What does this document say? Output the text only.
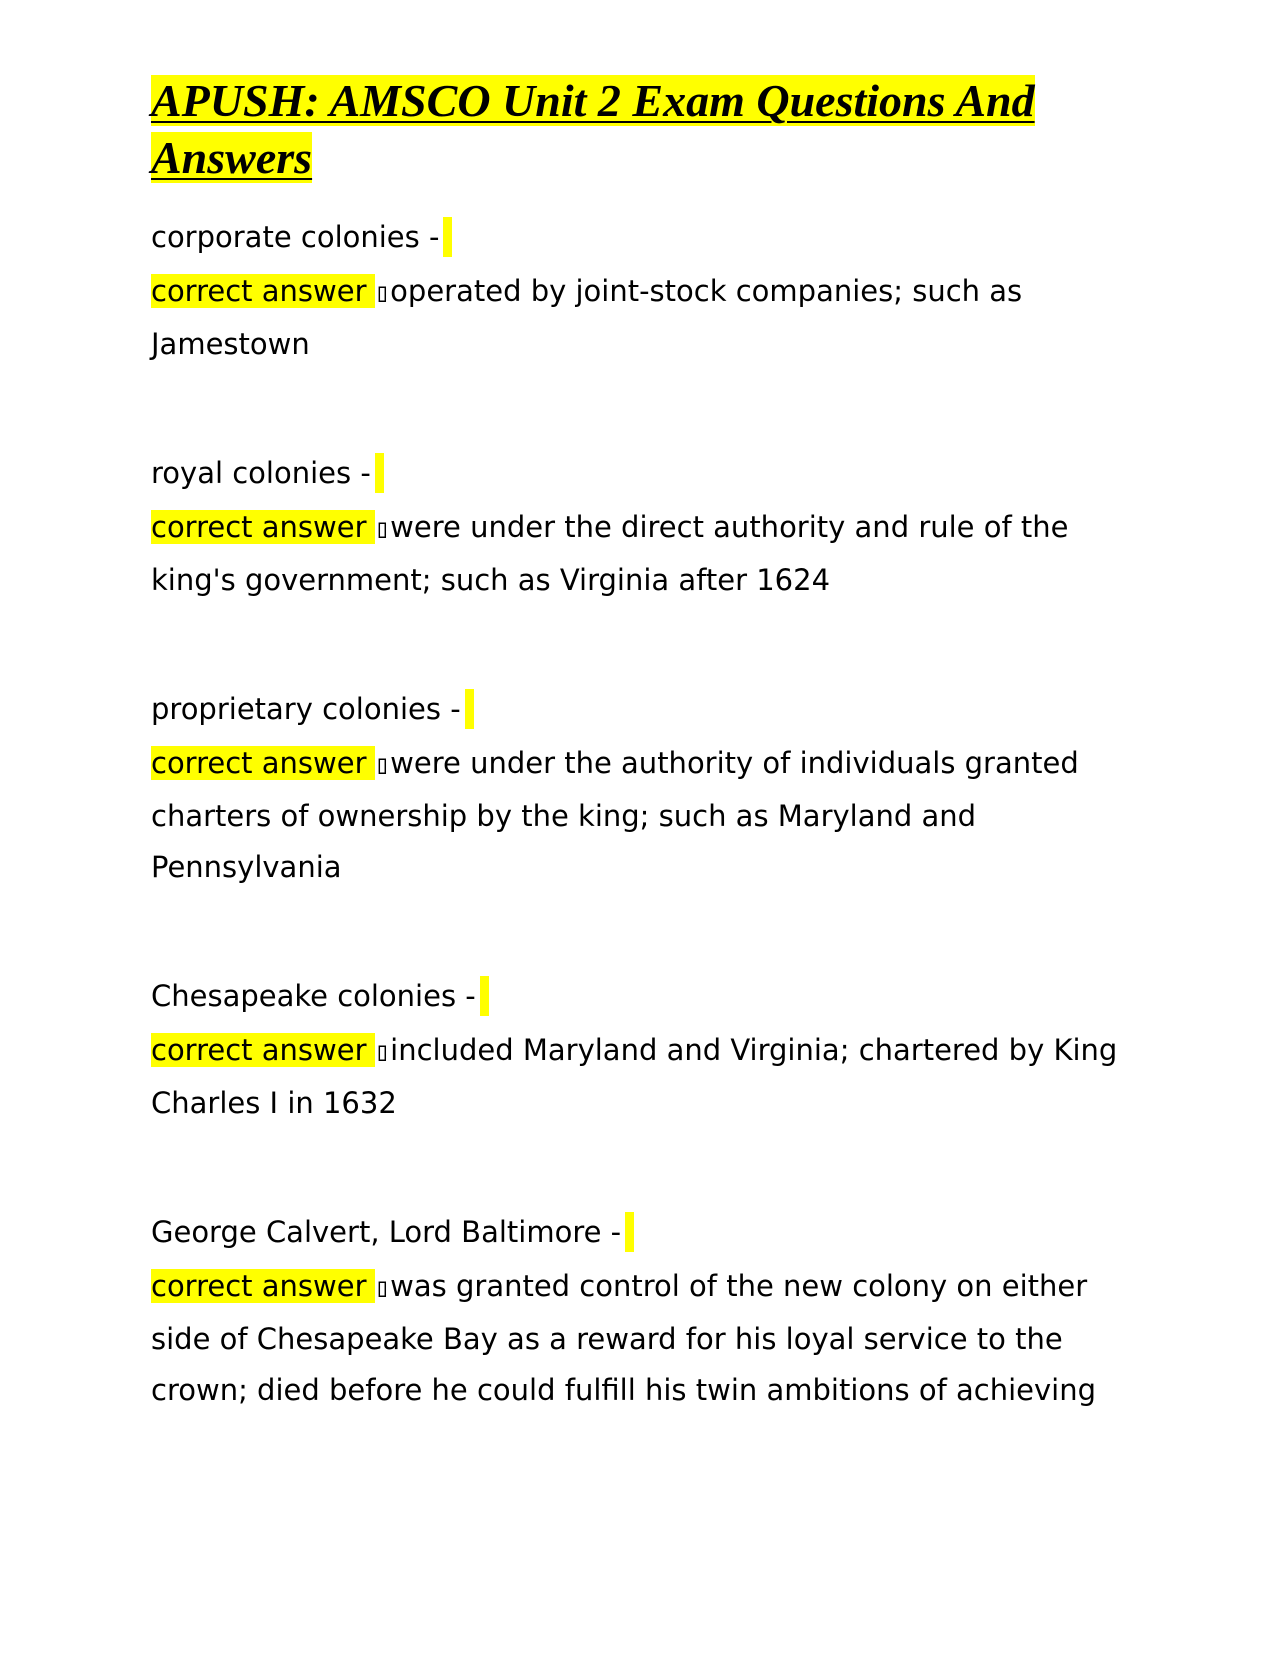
APUSH: AMSCO Unit 2 Exam Questions And Answers
corporate colonies -
correct answer ▯operated by joint-stock companies; such as Jamestown
royal colonies -
correct answer ▯were under the direct authority and rule of the king's government; such as Virginia after 1624
proprietary colonies -
correct answer ▯were under the authority of individuals granted charters of ownership by the king; such as Maryland and Pennsylvania
Chesapeake colonies -
correct answer ▯included Maryland and Virginia; chartered by King Charles I in 1632
George Calvert, Lord Baltimore -
correct answer ▯was granted control of the new colony on either side of Chesapeake Bay as a reward for his loyal service to the crown; died before he could fulfill his twin ambitions of achieving
